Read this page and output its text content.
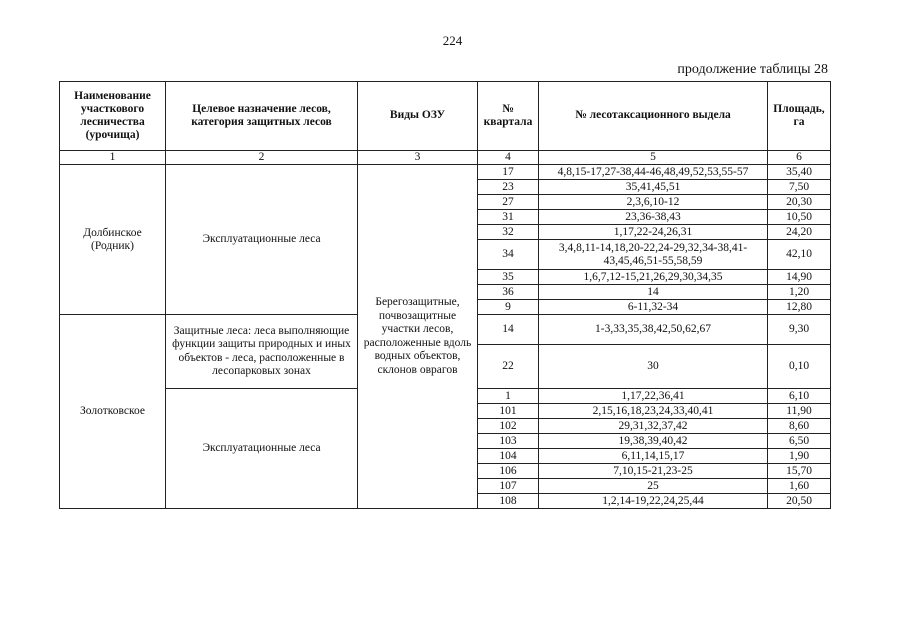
224
продолжение таблицы 28
Наименование участкового лесничества (урочища)	Целевое назначение лесов, категория защитных лесов	Виды ОЗУ	№ квартала	№ лесотаксационного выдела	Площадь, га
1	2	3	4	5	6
Долбинское (Родник)	Эксплуатационные леса	Берегозащитные, почвозащитные участки лесов, расположенные вдоль водных объектов, склонов оврагов	17	4,8,15-17,27-38,44-46,48,49,52,53,55-57	35,40
			23	35,41,45,51	7,50
			27	2,3,6,10-12	20,30
			31	23,36-38,43	10,50
			32	1,17,22-24,26,31	24,20
			34	3,4,8,11-14,18,20-22,24-29,32,34-38,41-43,45,46,51-55,58,59	42,10
			35	1,6,7,12-15,21,26,29,30,34,35	14,90
			36	14	1,20
			9	6-11,32-34	12,80
Золотковское	Защитные леса: леса выполняющие функции защиты природных и иных объектов - леса, расположенные в лесопарковых зонах		14	1-3,33,35,38,42,50,62,67	9,30
			22	30	0,10
	Эксплуатационные леса		1	1,17,22,36,41	6,10
			101	2,15,16,18,23,24,33,40,41	11,90
			102	29,31,32,37,42	8,60
			103	19,38,39,40,42	6,50
			104	6,11,14,15,17	1,90
			106	7,10,15-21,23-25	15,70
			107	25	1,60
			108	1,2,14-19,22,24,25,44	20,50
